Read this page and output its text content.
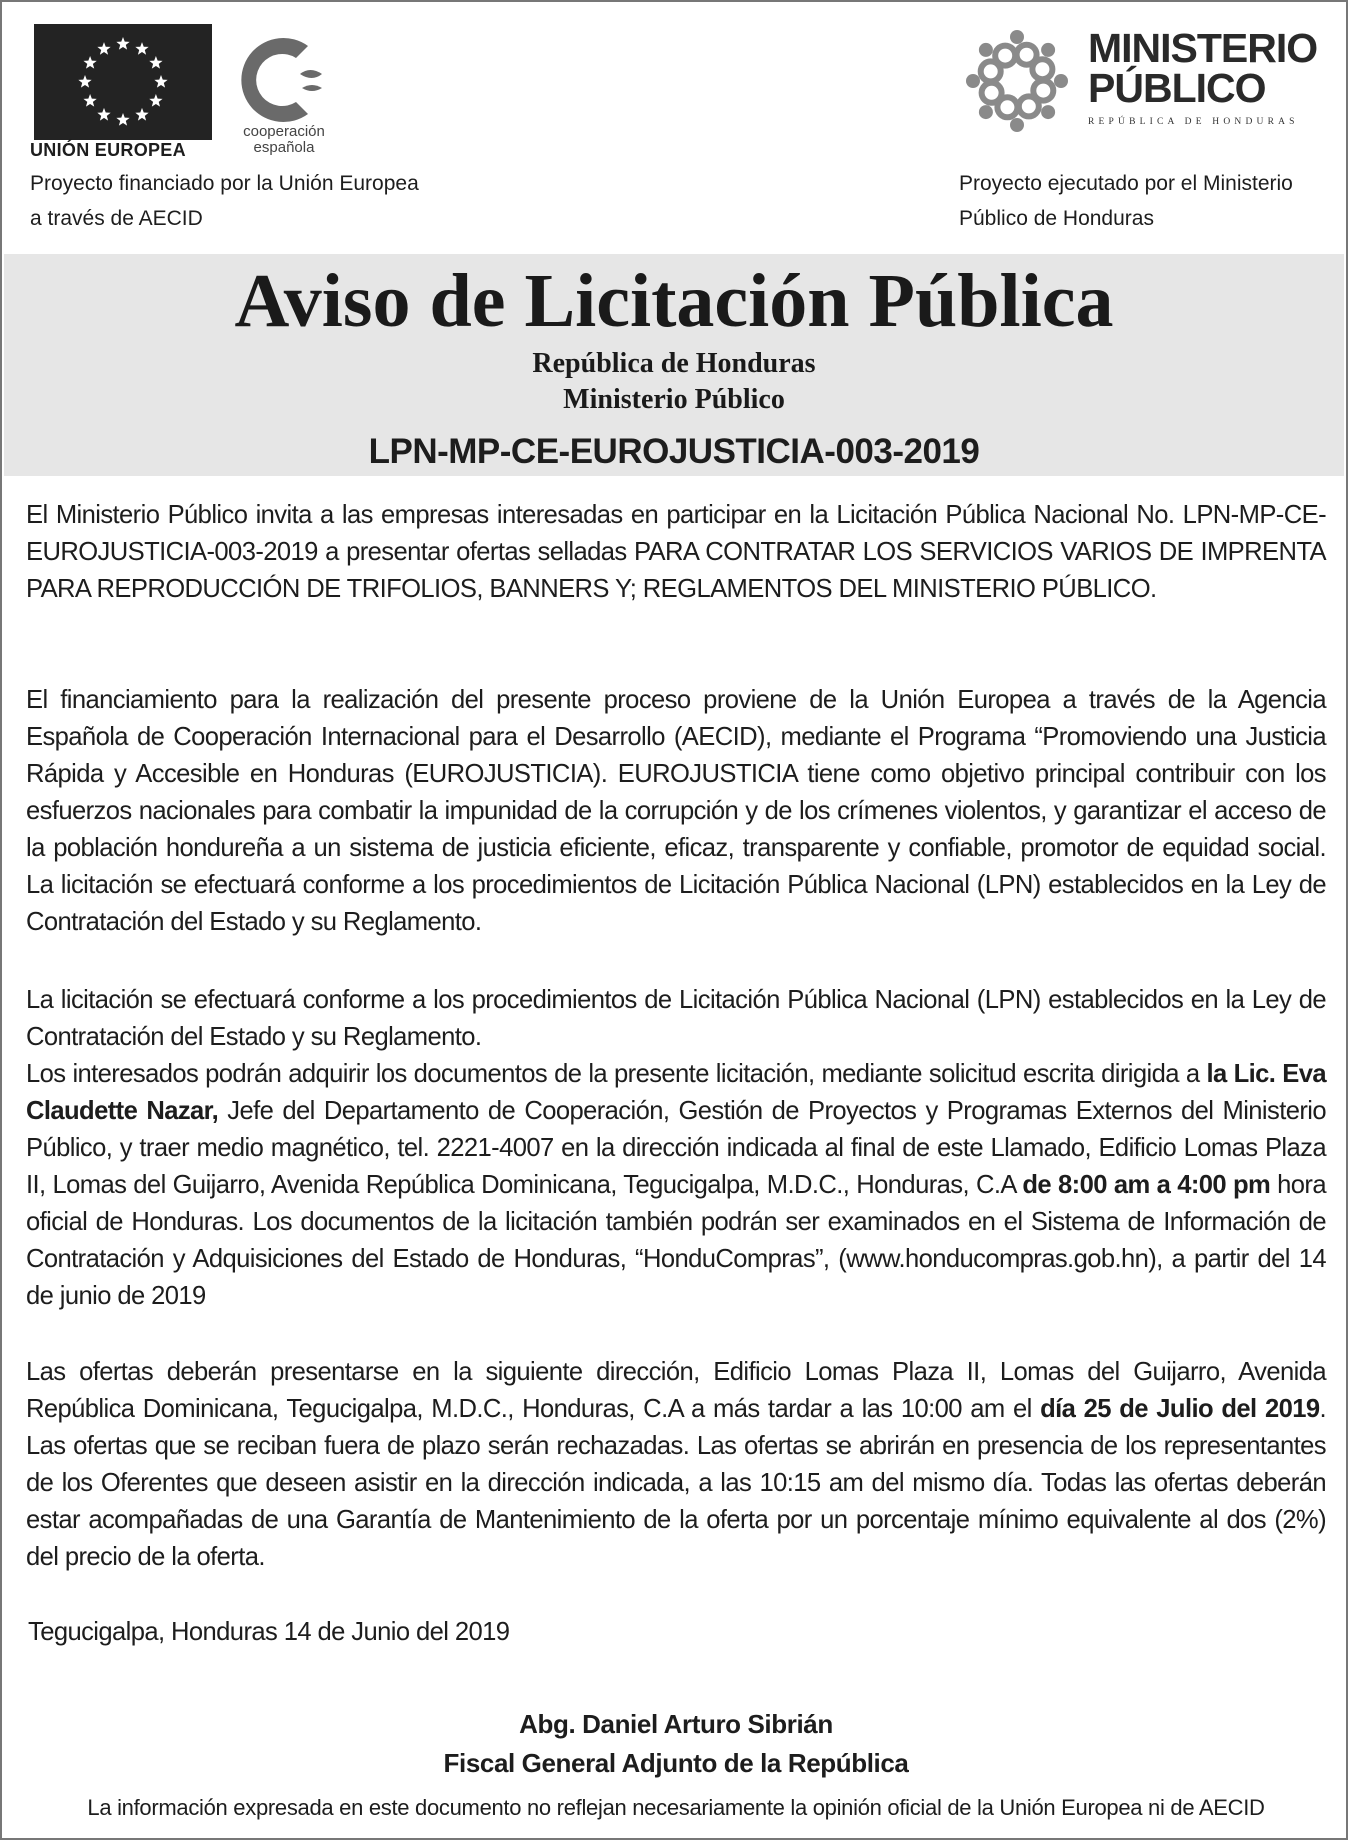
UNIÓN EUROPEA
cooperación
española
Proyecto financiado por la Unión Europea
a través de AECID
MINISTERIO
PÚBLICO
REPÚBLICA DE HONDURAS
Proyecto ejecutado por el Ministerio
Público de Honduras
Aviso de Licitación Pública
República de Honduras
Ministerio Público
LPN-MP-CE-EUROJUSTICIA-003-2019

El Ministerio Público invita a las empresas interesadas en participar en la Licitación Pública Nacional No. LPN-MP-CE-EUROJUSTICIA-003-2019 a presentar ofertas selladas PARA CONTRATAR LOS SERVICIOS VARIOS DE IMPRENTA PARA REPRODUCCIÓN DE TRIFOLIOS, BANNERS Y; REGLAMENTOS DEL MINISTERIO PÚBLICO.

El financiamiento para la realización del presente proceso proviene de la Unión Europea a través de la Agencia Española de Cooperación Internacional para el Desarrollo (AECID), mediante el Programa “Promoviendo una Justicia Rápida y Accesible en Honduras (EUROJUSTICIA). EUROJUSTICIA tiene como objetivo principal contribuir con los esfuerzos nacionales para combatir la impunidad de la corrupción y de los crímenes violentos, y garantizar el acceso de la población hondureña a un sistema de justicia eficiente, eficaz, transparente y confiable, promotor de equidad social. La licitación se efectuará conforme a los procedimientos de Licitación Pública Nacional (LPN) establecidos en la Ley de Contratación del Estado y su Reglamento.

La licitación se efectuará conforme a los procedimientos de Licitación Pública Nacional (LPN) establecidos en la Ley de Contratación del Estado y su Reglamento.

Los interesados podrán adquirir los documentos de la presente licitación, mediante solicitud escrita dirigida a la Lic. Eva Claudette Nazar, Jefe del Departamento de Cooperación, Gestión de Proyectos y Programas Externos del Ministerio Público, y traer medio magnético, tel. 2221-4007 en la dirección indicada al final de este Llamado, Edificio Lomas Plaza II, Lomas del Guijarro, Avenida República Dominicana, Tegucigalpa, M.D.C., Honduras, C.A de 8:00 am a 4:00 pm hora oficial de Honduras. Los documentos de la licitación también podrán ser examinados en el Sistema de Información de Contratación y Adquisiciones del Estado de Honduras, “HonduCompras”, (www.honducompras.gob.hn), a partir del 14 de junio de 2019

Las ofertas deberán presentarse en la siguiente dirección, Edificio Lomas Plaza II, Lomas del Guijarro, Avenida República Dominicana, Tegucigalpa, M.D.C., Honduras, C.A a más tardar a las 10:00 am el día 25 de Julio del 2019. Las ofertas que se reciban fuera de plazo serán rechazadas. Las ofertas se abrirán en presencia de los representantes de los Oferentes que deseen asistir en la dirección indicada, a las 10:15 am del mismo día. Todas las ofertas deberán estar acompañadas de una Garantía de Mantenimiento de la oferta por un porcentaje mínimo equivalente al dos (2%) del precio de la oferta.

Tegucigalpa, Honduras 14 de Junio del 2019
Abg. Daniel Arturo Sibrián
Fiscal General Adjunto de la República
La información expresada en este documento no reflejan necesariamente la opinión oficial de la Unión Europea ni de AECID
